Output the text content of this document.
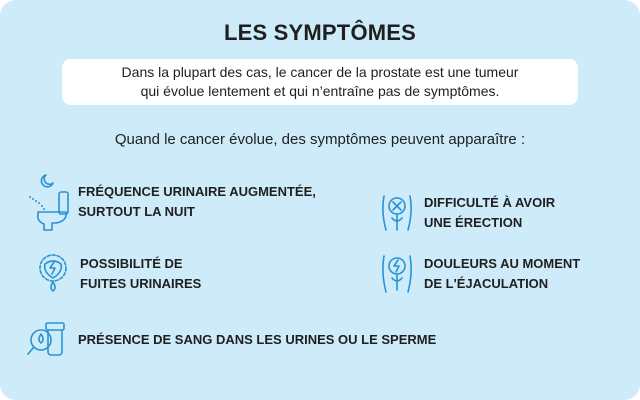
LES SYMPTÔMES
Dans la plupart des cas, le cancer de la prostate est une tumeur
qui évolue lentement et qui n’entraîne pas de symptômes.
Quand le cancer évolue, des symptômes peuvent apparaître :
FRÉQUENCE URINAIRE AUGMENTÉE,
SURTOUT LA NUIT
DIFFICULTÉ À AVOIR
UNE ÉRECTION
POSSIBILITÉ DE
FUITES URINAIRES
DOULEURS AU MOMENT
DE L'ÉJACULATION
PRÉSENCE DE SANG DANS LES URINES OU LE SPERME
